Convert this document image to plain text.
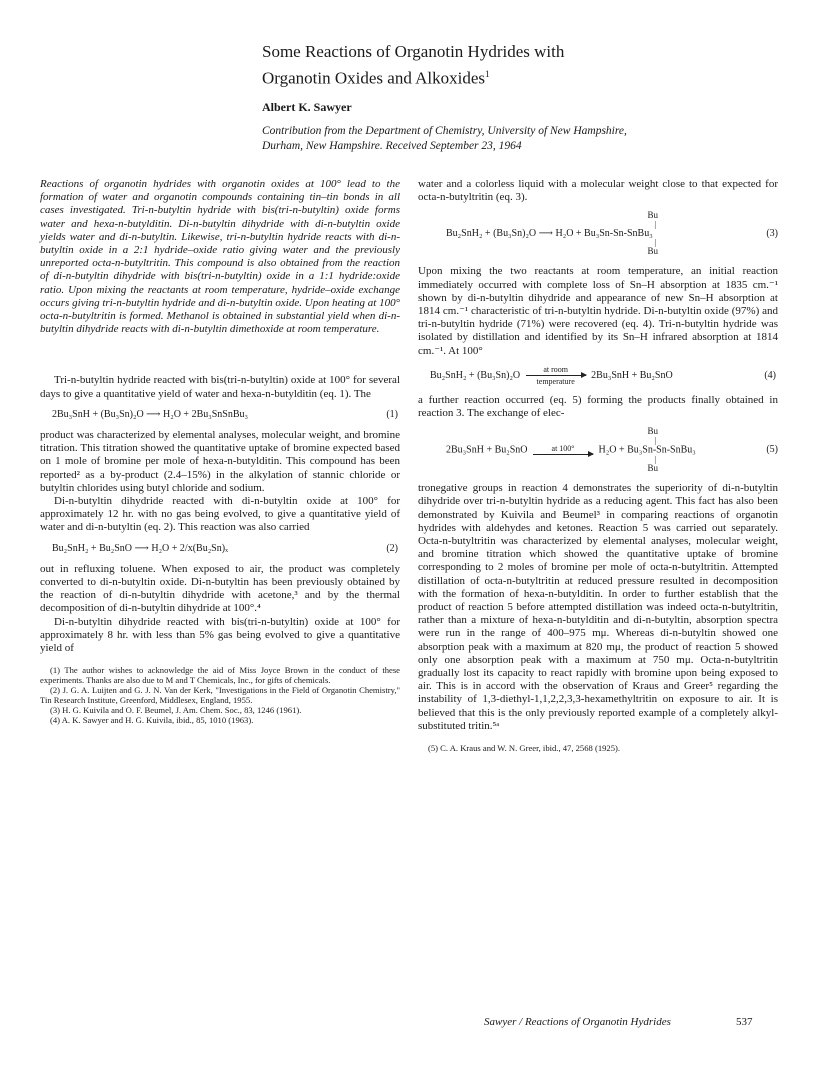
Some Reactions of Organotin Hydrides with
Organotin Oxides and Alkoxides$^1$
Albert K. Sawyer
Contribution from the Department of Chemistry, University of New Hampshire,
Durham, New Hampshire. Received September 23, 1964
Reactions of organotin hydrides with organotin oxides at 100° lead to the formation of water and organotin compounds containing tin–tin bonds in all cases investigated. Tri-n-butyltin hydride with bis(tri-n-butyltin) oxide forms water and hexa-n-butylditin. Di-n-butyltin dihydride with di-n-butyltin oxide yields water and di-n-butyltin. Likewise, tri-n-butyltin hydride reacts with di-n-butyltin oxide in a 2:1 hydride–oxide ratio giving water and the previously unreported octa-n-butyltritin. This compound is also obtained from the reaction of di-n-butyltin dihydride with bis(tri-n-butyltin) oxide in a 1:1 hydride:oxide ratio. Upon mixing the reactants at room temperature, hydride–oxide exchange occurs giving tri-n-butyltin hydride and di-n-butyltin oxide. Upon heating at 100° octa-n-butyltritin is formed. Methanol is obtained in substantial yield when di-n-butyltin dihydride reacts with di-n-butyltin dimethoxide at room temperature.

Tri-n-butyltin hydride reacted with bis(tri-n-butyltin) oxide at 100° for several days to give a quantitative yield of water and hexa-n-butylditin (eq. 1). The

2Bu₃SnH + (Bu₃Sn)₂O ⟶ H₂O + 2Bu₃SnSnBu₃	(1)

product was characterized by elemental analyses, molecular weight, and bromine titration. This titration showed the quantitative uptake of bromine expected based on 1 mole of bromine per mole of hexa-n-butylditin. This compound has been reported² as a by-product (2.4–15%) in the alkylation of stannic chloride or butyltin chlorides using butyl chloride and sodium.

Di-n-butyltin dihydride reacted with di-n-butyltin oxide at 100° for approximately 12 hr. with no gas being evolved, to give a quantitative yield of water and di-n-butyltin (eq. 2). This reaction was also carried

Bu₂SnH₂ + Bu₂SnO ⟶ H₂O + 2/x(Bu₂Sn)ₓ	(2)

out in refluxing toluene. When exposed to air, the product was completely converted to di-n-butyltin oxide. Di-n-butyltin has been previously obtained by the reaction of di-n-butyltin dihydride with acetone,³ and by the thermal decomposition of di-n-butyltin dihydride at 100°.⁴

Di-n-butyltin dihydride reacted with bis(tri-n-butyltin) oxide at 100° for approximately 8 hr. with less than 5% gas being evolved to give a quantitative yield of

(1) The author wishes to acknowledge the aid of Miss Joyce Brown in the conduct of these experiments. Thanks are also due to M and T Chemicals, Inc., for gifts of chemicals.
(2) J. G. A. Luijten and G. J. N. Van der Kerk, "Investigations in the Field of Organotin Chemistry," Tin Research Institute, Greenford, Middlesex, England, 1955.
(3) H. G. Kuivila and O. F. Beumel, J. Am. Chem. Soc., 83, 1246 (1961).
(4) A. K. Sawyer and H. G. Kuivila, ibid., 85, 1010 (1963).

water and a colorless liquid with a molecular weight close to that expected for octa-n-butyltritin (eq. 3).

Bu
|
Bu₂SnH₂ + (Bu₃Sn)₂O ⟶ H₂O + Bu₃Sn-Sn-SnBu₃	(3)
|
Bu

Upon mixing the two reactants at room temperature, an initial reaction immediately occurred with complete loss of Sn–H absorption at 1835 cm.⁻¹ shown by di-n-butyltin dihydride and appearance of new Sn–H absorption at 1814 cm.⁻¹ characteristic of tri-n-butyltin hydride. Di-n-butyltin oxide (97%) and tri-n-butyltin hydride (71%) were recovered (eq. 4). Tri-n-butyltin hydride was isolated by distillation and identified by its Sn–H infrared absorption at 1814 cm.⁻¹. At 100°

Bu₂SnH₂ + (Bu₃Sn)₂O
at room
temperature
2Bu₃SnH + Bu₂SnO	(4)

a further reaction occurred (eq. 5) forming the products finally obtained in reaction 3. The exchange of elec-

Bu
|
2Bu₃SnH + Bu₂SnO	at 100° H₂O + Bu₃Sn-Sn-SnBu₃	(5)
|
Bu

tronegative groups in reaction 4 demonstrates the superiority of di-n-butyltin dihydride over tri-n-butyltin hydride as a reducing agent. This fact has also been demonstrated by Kuivila and Beumel³ in comparing reactions of organotin hydrides with aldehydes and ketones. Reaction 5 was carried out separately. Octa-n-butyltritin was characterized by elemental analyses, molecular weight, and bromine titration which showed the quantitative uptake of bromine corresponding to 2 moles of bromine per mole of octa-n-butyltritin. Attempted distillation of octa-n-butyltritin at reduced pressure resulted in decomposition with the formation of hexa-n-butylditin. In order to further establish that the product of reaction 5 before attempted distillation was indeed octa-n-butyltritin, rather than a mixture of hexa-n-butylditin and di-n-butyltin, absorption spectra were run in the range of 400–975 mμ. Whereas di-n-butyltin showed one absorption peak with a maximum at 820 mμ, the product of reaction 5 showed only one absorption peak with a maximum at 750 mμ. Octa-n-butyltritin gradually lost its capacity to react rapidly with bromine upon being exposed to air. This is in accord with the observation of Kraus and Greer⁵ regarding the instability of 1,3-diethyl-1,1,2,2,3,3-hexamethyltritin on exposure to air. It is believed that this is the only previously reported example of a completely alkyl-substituted tritin.⁵ᵃ

(5) C. A. Kraus and W. N. Greer, ibid., 47, 2568 (1925).
Sawyer / Reactions of Organotin Hydrides	537
